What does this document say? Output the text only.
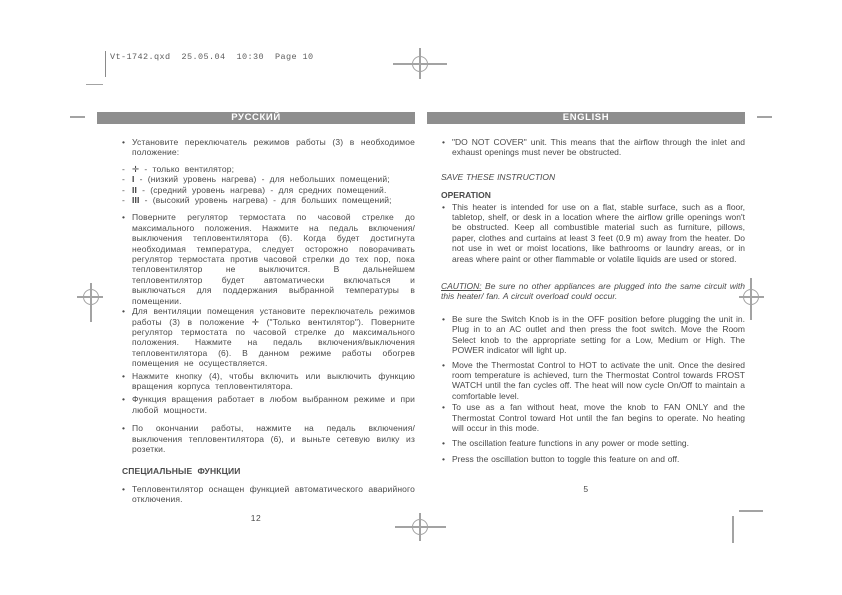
Vt-1742.qxd  25.05.04  10:30  Page 10
РУССКИЙ
• Установите переключатель режимов работы (3) в необходимое положение:
- ✛ - только вентилятор;
- I - (низкий уровень нагрева) - для небольших помещений;
- II - (средний уровень нагрева) - для средних помещений.
- III - (высокий уровень нагрева) - для больших помещений;
• Поверните регулятор термостата по часовой стрелке до максимального положения. Нажмите на педаль включения/выключения тепловентилятора (6). Когда будет достигнута необходимая температура, следует осторожно поворачивать регулятор термостата против часовой стрелки до тех пор, пока тепловентилятор не выключится. В дальнейшем тепловентилятор будет автоматически включаться и выключаться для поддержания выбранной температуры в помещении.
• Для вентиляции помещения установите переключатель режимов работы (3) в положение ✛ ("Только вентилятор"). Поверните регулятор термостата по часовой стрелке до максимального положения. Нажмите на педаль включения/выключения тепловентилятора (6). В данном режиме работы обогрев помещения не осуществляется.
• Нажмите кнопку (4), чтобы включить или выключить функцию вращения корпуса тепловентилятора.
• Функция вращения работает в любом выбранном режиме и при любой мощности.
• По окончании работы, нажмите на педаль включения/выключения тепловентилятора (6), и выньте сетевую вилку из розетки.
СПЕЦИАЛЬНЫЕ ФУНКЦИИ
• Тепловентилятор оснащен функцией автоматического аварийного отключения.
12
ENGLISH
• "DO NOT COVER" unit. This means that the airflow through the inlet and exhaust openings must never be obstructed.
SAVE THESE INSTRUCTION
OPERATION
• This heater is intended for use on a flat, stable surface, such as a floor, tabletop, shelf, or desk in a location where the airflow grille openings won't be obstructed. Keep all combustible material such as furniture, pillows, paper, clothes and curtains at least 3 feet (0.9 m) away from the heater. Do not use in wet or moist locations, like bathrooms or laundry areas, or in areas where paint or other flammable or volatile liquids are used or stored.
CAUTION: Be sure no other appliances are plugged into the same circuit with this heater/ fan. A circuit overload could occur.
• Be sure the Switch Knob is in the OFF position before plugging the unit in. Plug in to an AC outlet and then press the foot switch. Move the Room Select knob to the appropriate setting for a Low, Medium or High. The POWER indicator will light up.
• Move the Thermostat Control to HOT to activate the unit. Once the desired room temperature is achieved, turn the Thermostat Control towards FROST WATCH until the fan cycles off. The heat will now cycle On/Off to maintain a comfortable level.
• To use as a fan without heat, move the knob to FAN ONLY and the Thermostat Control toward Hot until the fan begins to operate. No heating will occur in this mode.
• The oscillation feature functions in any power or mode setting.
• Press the oscillation button to toggle this feature on and off.
5
